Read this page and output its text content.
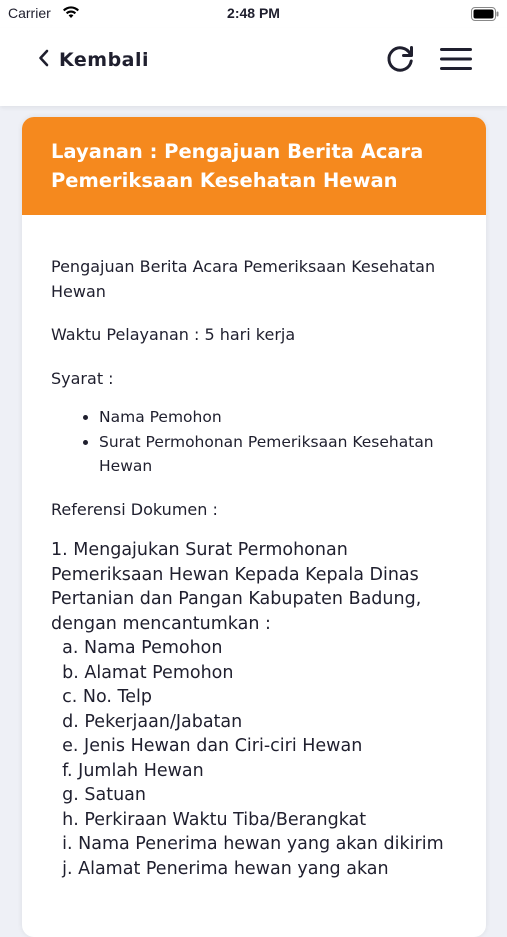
Carrier	2:48 PM
Kembali
Layanan : Pengajuan Berita Acara Pemeriksaan Kesehatan Hewan

Pengajuan Berita Acara Pemeriksaan Kesehatan Hewan

Waktu Pelayanan : 5 hari kerja

Syarat :

• Nama Pemohon
• Surat Permohonan Pemeriksaan Kesehatan Hewan

Referensi Dokumen :

1. Mengajukan Surat Permohonan Pemeriksaan Hewan Kepada Kepala Dinas Pertanian dan Pangan Kabupaten Badung, dengan mencantumkan :
a. Nama Pemohon
b. Alamat Pemohon
c. No. Telp
d. Pekerjaan/Jabatan
e. Jenis Hewan dan Ciri-ciri Hewan
f. Jumlah Hewan
g. Satuan
h. Perkiraan Waktu Tiba/Berangkat
i. Nama Penerima hewan yang akan dikirim
j. Alamat Penerima hewan yang akan
